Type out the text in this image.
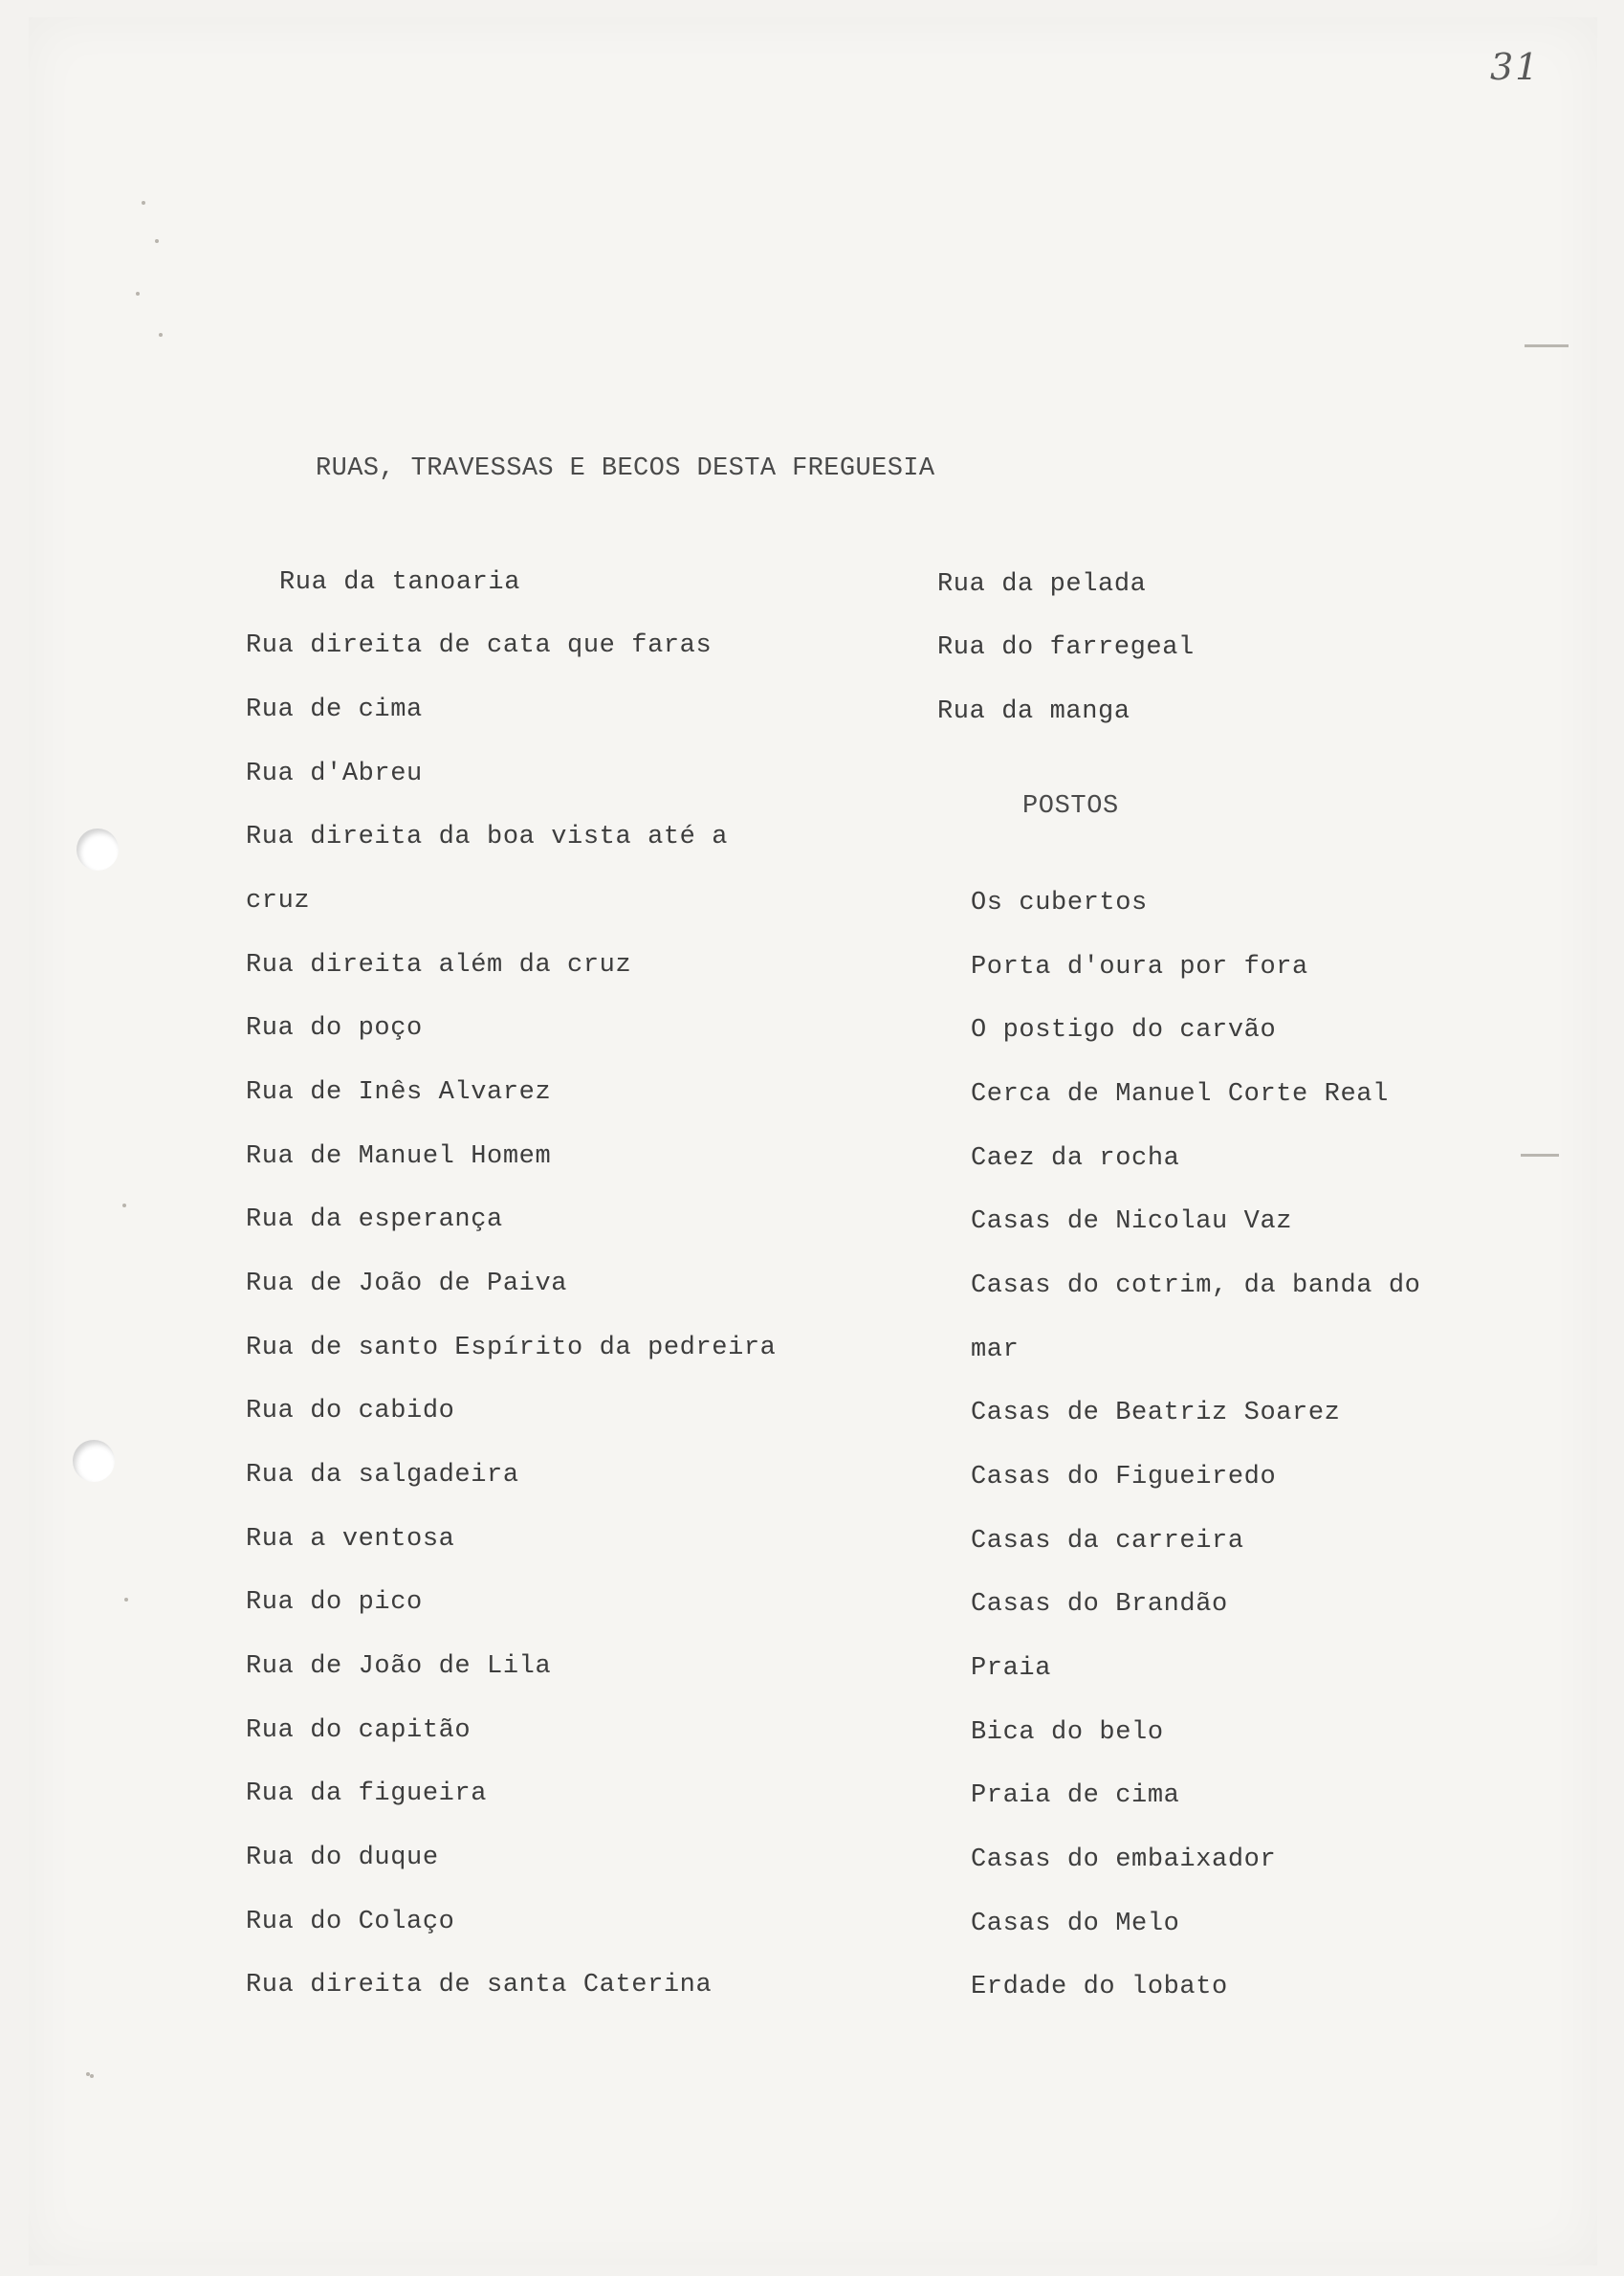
31
RUAS, TRAVESSAS E BECOS DESTA FREGUESIA
Rua da tanoaria
Rua direita de cata que faras
Rua de cima
Rua d'Abreu
Rua direita da boa vista até a
cruz
Rua direita além da cruz
Rua do poço
Rua de Inês Alvarez
Rua de Manuel Homem
Rua da esperança
Rua de João de Paiva
Rua de santo Espírito da pedreira
Rua do cabido
Rua da salgadeira
Rua a ventosa
Rua do pico
Rua de João de Lila
Rua do capitão
Rua da figueira
Rua do duque
Rua do Colaço
Rua direita de santa Caterina
Rua da pelada
Rua do farregeal
Rua da manga
POSTOS
Os cubertos
Porta d'oura por fora
O postigo do carvão
Cerca de Manuel Corte Real
Caez da rocha
Casas de Nicolau Vaz
Casas do cotrim, da banda do
mar
Casas de Beatriz Soarez
Casas do Figueiredo
Casas da carreira
Casas do Brandão
Praia
Bica do belo
Praia de cima
Casas do embaixador
Casas do Melo
Erdade do lobato
